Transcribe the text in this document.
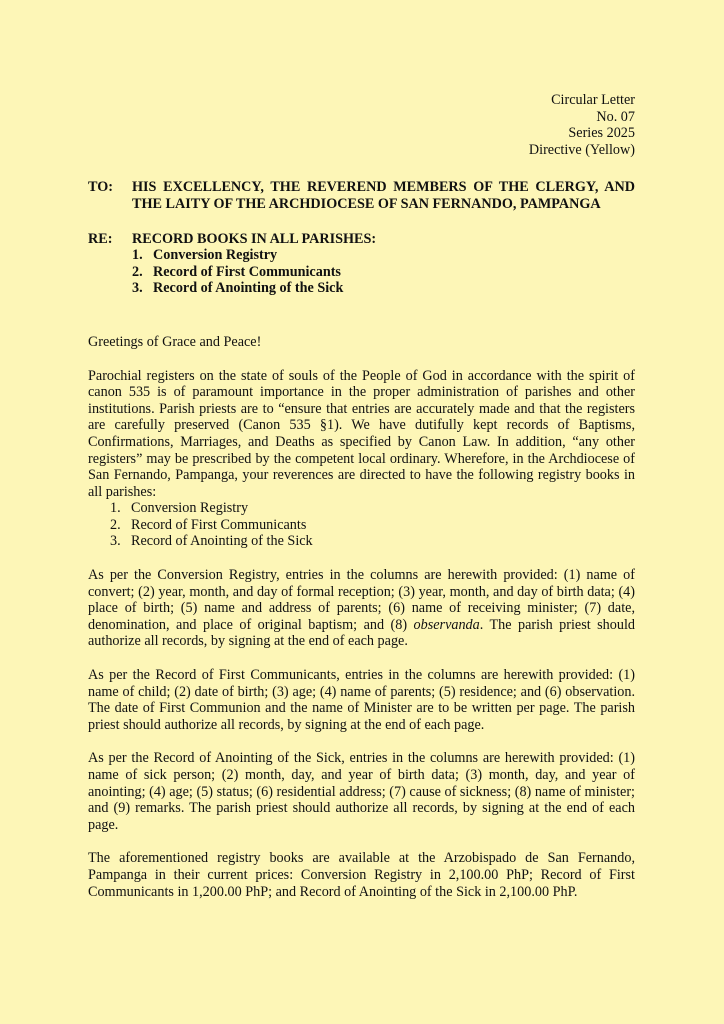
Circular Letter
No. 07
Series 2025
Directive (Yellow)
TO:	HIS EXCELLENCY, THE REVEREND MEMBERS OF THE CLERGY, AND
THE LAITY OF THE ARCHDIOCESE OF SAN FERNANDO, PAMPANGA
RE:	RECORD BOOKS IN ALL PARISHES:
1. Conversion Registry
2. Record of First Communicants
3. Record of Anointing of the Sick

Greetings of Grace and Peace!

Parochial registers on the state of souls of the People of God in accordance with the spirit of canon 535 is of paramount importance in the proper administration of parishes and other institutions. Parish priests are to “ensure that entries are accurately made and that the registers are carefully preserved (Canon 535 §1). We have dutifully kept records of Baptisms, Confirmations, Marriages, and Deaths as specified by Canon Law. In addition, “any other registers” may be prescribed by the competent local ordinary. Wherefore, in the Archdiocese of San Fernando, Pampanga, your reverences are directed to have the following registry books in all parishes:

1. Conversion Registry
2. Record of First Communicants
3. Record of Anointing of the Sick

As per the Conversion Registry, entries in the columns are herewith provided: (1) name of convert; (2) year, month, and day of formal reception; (3) year, month, and day of birth data; (4) place of birth; (5) name and address of parents; (6) name of receiving minister; (7) date, denomination, and place of original baptism; and (8) observanda. The parish priest should authorize all records, by signing at the end of each page.

As per the Record of First Communicants, entries in the columns are herewith provided: (1) name of child; (2) date of birth; (3) age; (4) name of parents; (5) residence; and (6) observation. The date of First Communion and the name of Minister are to be written per page. The parish priest should authorize all records, by signing at the end of each page.

As per the Record of Anointing of the Sick, entries in the columns are herewith provided: (1) name of sick person; (2) month, day, and year of birth data; (3) month, day, and year of anointing; (4) age; (5) status; (6) residential address; (7) cause of sickness; (8) name of minister; and (9) remarks. The parish priest should authorize all records, by signing at the end of each page.

The aforementioned registry books are available at the Arzobispado de San Fernando, Pampanga in their current prices: Conversion Registry in 2,100.00 PhP; Record of First Communicants in 1,200.00 PhP; and Record of Anointing of the Sick in 2,100.00 PhP.
